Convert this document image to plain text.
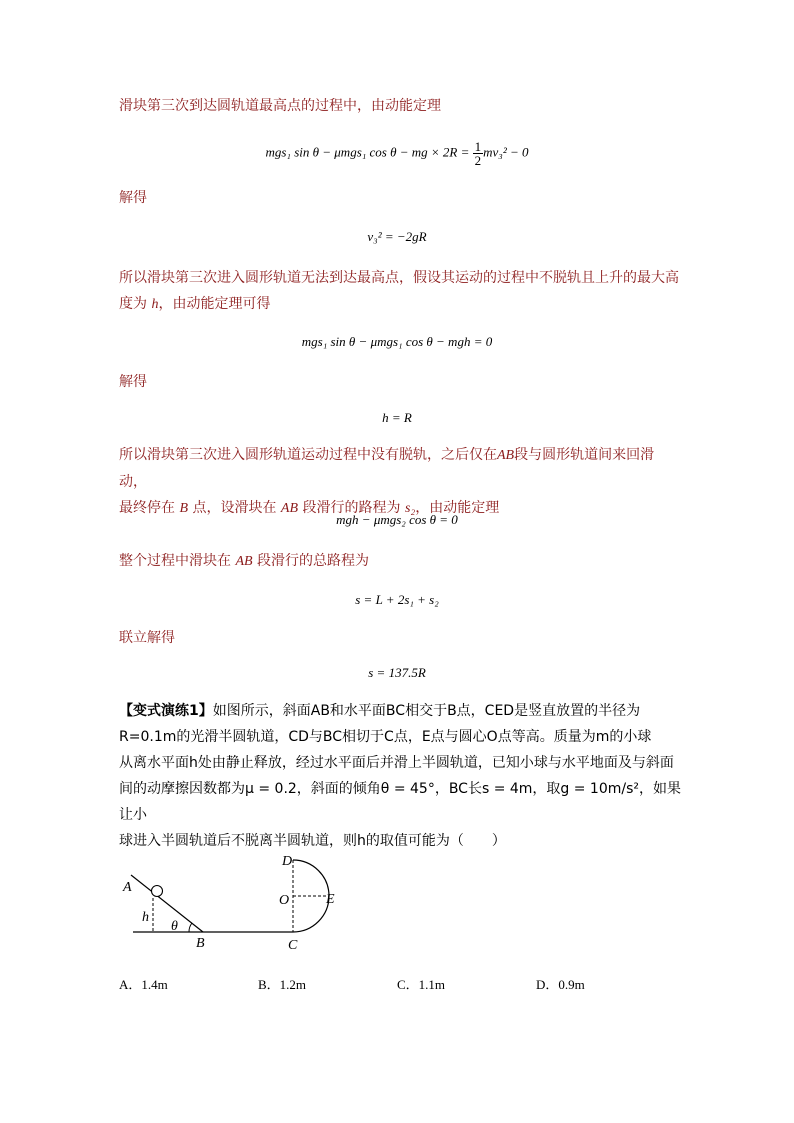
滑块第三次到达圆轨道最高点的过程中，由动能定理
mgs₁ sin θ − μmgs₁ cos θ − mg × $2R = \frac{1}{2} mv_3^2 - 0$
解得
v₃² = −2gR
所以滑块第三次进入圆形轨道无法到达最高点，假设其运动的过程中不脱轨且上升的最大高
度为 h，由动能定理可得
mgs₁ sin θ − μmgs₁ cos θ − mgh = 0
解得
h = R
所以滑块第三次进入圆形轨道运动过程中没有脱轨，之后仅在AB段与圆形轨道间来回滑动，
最终停在 B 点，设滑块在 AB 段滑行的路程为 s₂，由动能定理
mgh − μmgs₂ cos θ = 0
整个过程中滑块在 AB 段滑行的总路程为
s = L + 2s₁ + s₂
联立解得
s = 137.5R
【变式演练1】如图所示，斜面AB和水平面BC相交于B点，CED是竖直放置的半径为
R=0.1m的光滑半圆轨道，CD与BC相切于C点，E点与圆心O点等高。质量为m的小球
从离水平面h处由静止释放，经过水平面后并滑上半圆轨道，已知小球与水平地面及与斜面
间的动摩擦因数都为μ = 0.2，斜面的倾角θ = 45°，BC长s = 4m，取g = 10m/s²，如果让小
球进入半圆轨道后不脱离半圆轨道，则h的取值可能为（　　）
A
h
θ
B	C
D
O	E
A．1.4m	B．1.2m	C．1.1m	D．0.9m
